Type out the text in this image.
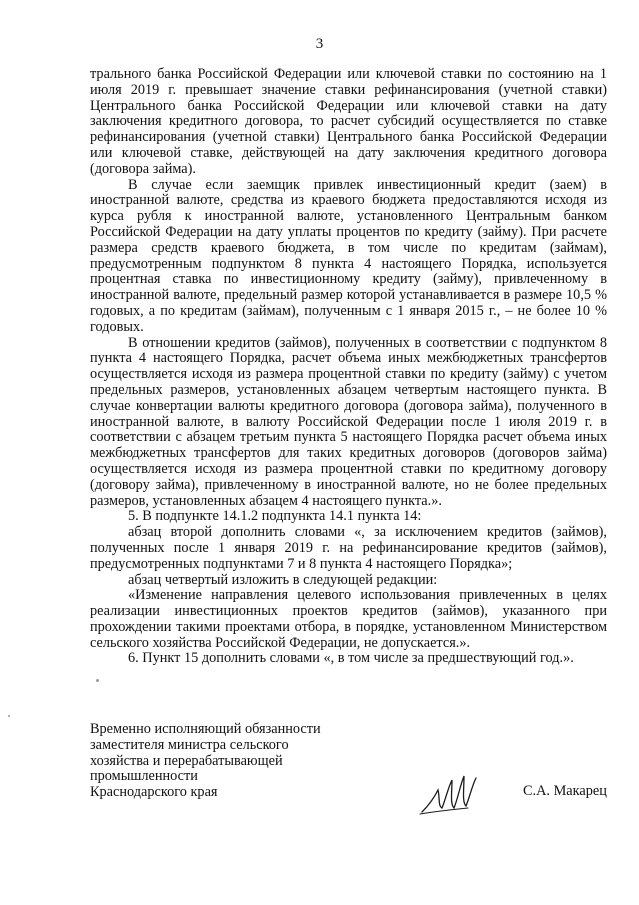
3

трального банка Российской Федерации или ключевой ставки по состоянию на 1 июля 2019 г. превышает значение ставки рефинансирования (учетной ставки) Центрального банка Российской Федерации или ключевой ставки на дату заключения кредитного договора, то расчет субсидий осуществляется по ставке рефинансирования (учетной ставки) Центрального банка Российской Федерации или ключевой ставке, действующей на дату заключения кредитного договора (договора займа).

В случае если заемщик привлек инвестиционный кредит (заем) в иностранной валюте, средства из краевого бюджета предоставляются исходя из курса рубля к иностранной валюте, установленного Центральным банком Российской Федерации на дату уплаты процентов по кредиту (займу). При расчете размера средств краевого бюджета, в том числе по кредитам (займам), предусмотренным подпунктом 8 пункта 4 настоящего Порядка, используется процентная ставка по инвестиционному кредиту (займу), привлеченному в иностранной валюте, предельный размер которой устанавливается в размере 10,5 % годовых, а по кредитам (займам), полученным с 1 января 2015 г., – не более 10 % годовых.

В отношении кредитов (займов), полученных в соответствии с подпунктом 8 пункта 4 настоящего Порядка, расчет объема иных межбюджетных трансфертов осуществляется исходя из размера процентной ставки по кредиту (займу) с учетом предельных размеров, установленных абзацем четвертым настоящего пункта. В случае конвертации валюты кредитного договора (договора займа), полученного в иностранной валюте, в валюту Российской Федерации после 1 июля 2019 г. в соответствии с абзацем третьим пункта 5 настоящего Порядка расчет объема иных межбюджетных трансфертов для таких кредитных договоров (договоров займа) осуществляется исходя из размера процентной ставки по кредитному договору (договору займа), привлеченному в иностранной валюте, но не более предельных размеров, установленных абзацем 4 настоящего пункта.».

5. В подпункте 14.1.2 подпункта 14.1 пункта 14:

абзац второй дополнить словами «, за исключением кредитов (займов), полученных после 1 января 2019 г. на рефинансирование кредитов (займов), предусмотренных подпунктами 7 и 8 пункта 4 настоящего Порядка»;

абзац четвертый изложить в следующей редакции:

«Изменение направления целевого использования привлеченных в целях реализации инвестиционных проектов кредитов (займов), указанного при прохождении такими проектами отбора, в порядке, установленном Министерством сельского хозяйства Российской Федерации, не допускается.».

6. Пункт 15 дополнить словами «, в том числе за предшествующий год.».

Временно исполняющий обязанности
заместителя министра сельского
хозяйства и перерабатывающей
промышленности
Краснодарского края	С.А. Макарец
